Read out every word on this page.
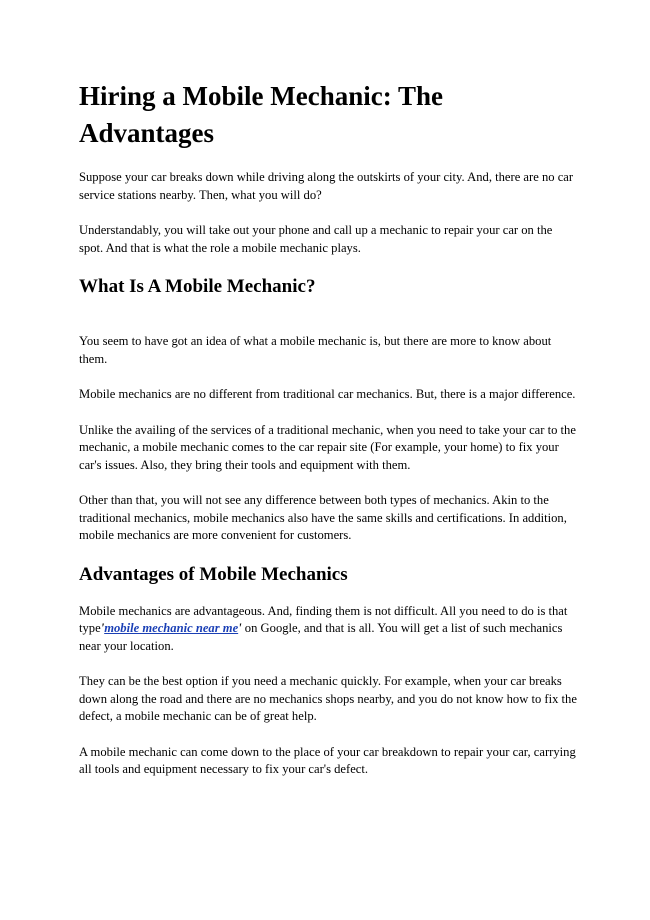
Hiring a Mobile Mechanic: The Advantages

Suppose your car breaks down while driving along the outskirts of your city. And, there are no car service stations nearby. Then, what you will do?

Understandably, you will take out your phone and call up a mechanic to repair your car on the spot. And that is what the role a mobile mechanic plays.

What Is A Mobile Mechanic?

You seem to have got an idea of what a mobile mechanic is, but there are more to know about them.

Mobile mechanics are no different from traditional car mechanics. But, there is a major difference.

Unlike the availing of the services of a traditional mechanic, when you need to take your car to the mechanic, a mobile mechanic comes to the car repair site (For example, your home) to fix your car's issues. Also, they bring their tools and equipment with them.

Other than that, you will not see any difference between both types of mechanics. Akin to the traditional mechanics, mobile mechanics also have the same skills and certifications. In addition, mobile mechanics are more convenient for customers.

Advantages of Mobile Mechanics

Mobile mechanics are advantageous. And, finding them is not difficult. All you need to do is that type'mobile mechanic near me' on Google, and that is all. You will get a list of such mechanics near your location.

They can be the best option if you need a mechanic quickly. For example, when your car breaks down along the road and there are no mechanics shops nearby, and you do not know how to fix the defect, a mobile mechanic can be of great help.

A mobile mechanic can come down to the place of your car breakdown to repair your car, carrying all tools and equipment necessary to fix your car's defect.
